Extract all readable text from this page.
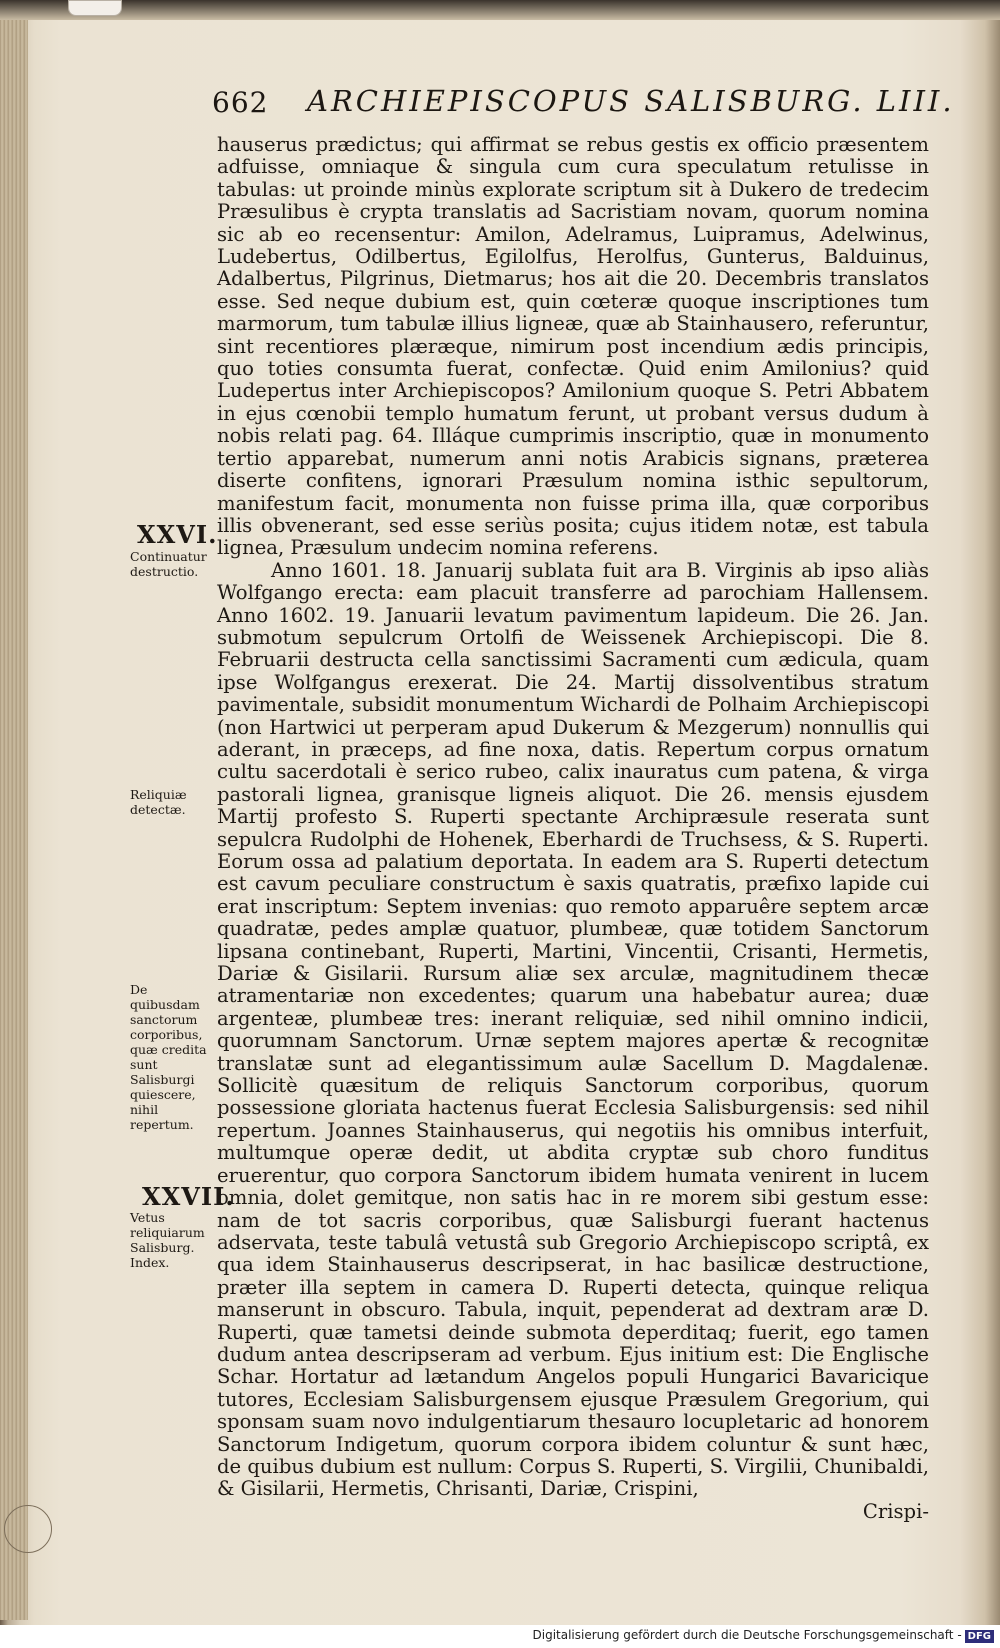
662 ARCHIEPISCOPUS SALISBURG. LIII.
XXVI.
Continuatur destructio.
Reliquiæ detectæ.
De quibusdam sanctorum corporibus, quæ credita sunt Salisburgi quiescere, nihil repertum.
XXVII.
Vetus reliquiarum Salisburg. Index.

hauserus prædictus; qui affirmat se rebus gestis ex officio præsentem adfuisse, omniaque & singula cum cura speculatum retulisse in tabulas: ut proinde minùs explorate scriptum sit à Dukero de tredecim Præsulibus è crypta translatis ad Sacristiam novam, quorum nomina sic ab eo recensentur: Amilon, Adelramus, Luipramus, Adelwinus, Ludebertus, Odilbertus, Egilolfus, Herolfus, Gunterus, Balduinus, Adalbertus, Pilgrinus, Dietmarus; hos ait die 20. Decembris translatos esse. Sed neque dubium est, quin cœteræ quoque inscriptiones tum marmorum, tum tabulæ illius ligneæ, quæ ab Stainhausero, referuntur, sint recentiores plæræque, nimirum post incendium ædis principis, quo toties consumta fuerat, confectæ. Quid enim Amilonius? quid Ludepertus inter Archiepiscopos? Amilonium quoque S. Petri Abbatem in ejus cœnobii templo humatum ferunt, ut probant versus dudum à nobis relati pag. 64. Illáque cumprimis inscriptio, quæ in monumento tertio apparebat, numerum anni notis Arabicis signans, præterea diserte confitens, ignorari Præsulum nomina isthic sepultorum, manifestum facit, monumenta non fuisse prima illa, quæ corporibus illis obvenerant, sed esse seriùs posita; cujus itidem notæ, est tabula lignea, Præsulum undecim nomina referens.

Anno 1601. 18. Januarij sublata fuit ara B. Virginis ab ipso aliàs Wolfgango erecta: eam placuit transferre ad parochiam Hallensem. Anno 1602. 19. Januarii levatum pavimentum lapideum. Die 26. Jan. submotum sepulcrum Ortolfi de Weissenek Archiepiscopi. Die 8. Februarii destructa cella sanctissimi Sacramenti cum ædicula, quam ipse Wolfgangus erexerat. Die 24. Martij dissolventibus stratum pavimentale, subsidit monumentum Wichardi de Polhaim Archiepiscopi (non Hartwici ut perperam apud Dukerum & Mezgerum) nonnullis qui aderant, in præceps, ad fine noxa, datis. Repertum corpus ornatum cultu sacerdotali è serico rubeo, calix inauratus cum patena, & virga pastorali lignea, granisque ligneis aliquot. Die 26. mensis ejusdem Martij profesto S. Ruperti spectante Archipræsule reserata sunt sepulcra Rudolphi de Hohenek, Eberhardi de Truchsess, & S. Ruperti. Eorum ossa ad palatium deportata. In eadem ara S. Ruperti detectum est cavum peculiare constructum è saxis quatratis, præfixo lapide cui erat inscriptum: Septem invenias: quo remoto apparuêre septem arcæ quadratæ, pedes amplæ quatuor, plumbeæ, quæ totidem Sanctorum lipsana continebant, Ruperti, Martini, Vincentii, Crisanti, Hermetis, Dariæ & Gisilarii. Rursum aliæ sex arculæ, magnitudinem thecæ atramentariæ non excedentes; quarum una habebatur aurea; duæ argenteæ, plumbeæ tres: inerant reliquiæ, sed nihil omnino indicii, quorumnam Sanctorum. Urnæ septem majores apertæ & recognitæ translatæ sunt ad elegantissimum aulæ Sacellum D. Magdalenæ. Sollicitè quæsitum de reliquis Sanctorum corporibus, quorum possessione gloriata hactenus fuerat Ecclesia Salisburgensis: sed nihil repertum. Joannes Stainhauserus, qui negotiis his omnibus interfuit, multumque operæ dedit, ut abdita cryptæ sub choro funditus eruerentur, quo corpora Sanctorum ibidem humata venirent in lucem omnia, dolet gemitque, non satis hac in re morem sibi gestum esse: nam de tot sacris corporibus, quæ Salisburgi fuerant hactenus adservata, teste tabulâ vetustâ sub Gregorio Archiepiscopo scriptâ, ex qua idem Stainhauserus descripserat, in hac basilicæ destructione, præter illa septem in camera D. Ruperti detecta, quinque reliqua manserunt in obscuro. Tabula, inquit, pependerat ad dextram aræ D. Ruperti, quæ tametsi deinde submota deperditaq; fuerit, ego tamen dudum antea descripseram ad verbum. Ejus initium est: Die Englische Schar. Hortatur ad lætandum Angelos populi Hungarici Bavaricique tutores, Ecclesiam Salisburgensem ejusque Præsulem Gregorium, qui sponsam suam novo indulgentiarum thesauro locupletaric ad honorem Sanctorum Indigetum, quorum corpora ibidem coluntur & sunt hæc, de quibus dubium est nullum: Corpus S. Ruperti, S. Virgilii, Chunibaldi, & Gisilarii, Hermetis, Chrisanti, Dariæ, Crispini,

Crispi-

Digitalisierung gefördert durch die Deutsche Forschungsgemeinschaft - DFG
